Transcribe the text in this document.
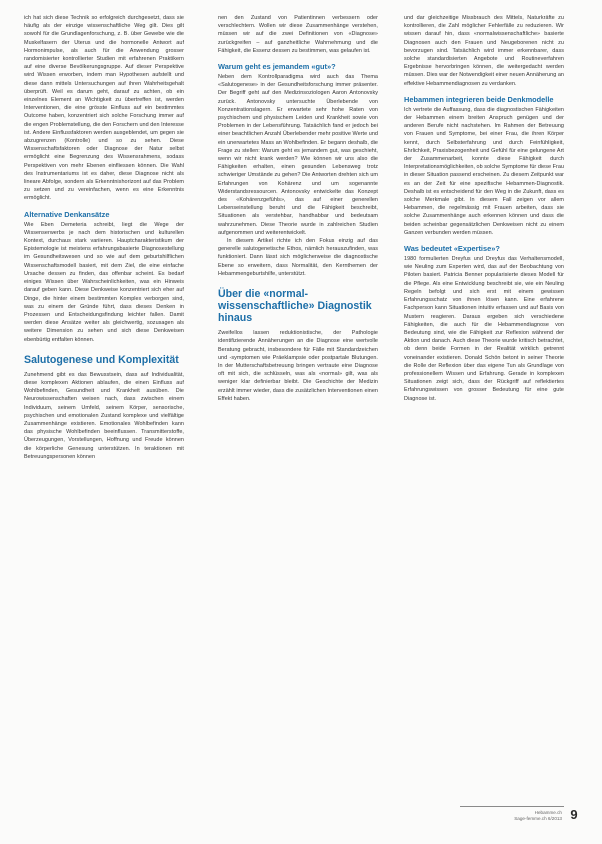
ich hat sich diese Technik so erfolgreich durchgesetzt, dass sie häufig als der einzige wissenschaftliche Weg gilt. Dies gilt sowohl für die Grundlagenforschung, z. B. über Gewebe wie die Muskelfasern der Uterus und die hormonelle Antwort auf Hormonimpulse, als auch für die Anwendung grosser randomisierter kontrollierter Studien mit erfahrenen Praktikern auf eine diverse Bevölkerungsgruppe. Auf dieser Perspektive wird Wissen erworben, indem man Hypothesen aufstellt und diese dann mittels Untersuchungen auf ihren Wahrheitsgehalt überprüft. Weil es darum geht, darauf zu achten, ob ein einzelnes Element an Wichtigkeit zu übertreffen ist, werden Interventionen, die eine grösste Einfluss auf ein bestimmtes Outcome haben, konzentriert sich solche Forschung immer auf die engen Problemstellung, die den Forschern und den Interesse ist. Andere Einflussfaktoren werden ausgeblendet, um gegen sie abzugrenzen (Kontrolle) und so zu sehen. Diese Wissenschaftsfaktoren oder Diagnose der Natur selbst ermöglicht eine Begrenzung des Wissensrahmens, sodass Perspektiven von mehr Ebenen einfliessen können. Die Wahl des Instrumentariums ist es daher, diese Diagnose nicht als lineare Abfolge, sondern als Erkenntnishorizont auf das Problem zu setzen und zu vereinfachen, wenn es eine Erkenntnis ermöglicht.

Alternative Denkansätze

Wie Eben Demeteria schreibt, liegt die Wege der Wissenserwerbs je nach dem historischen und kulturellen Kontext, durchaus stark variieren. Hauptcharakteristikum der Epistemologie ist meistens erfahrungsbasierte Diagnosestellung im Gesundheitswesen und so wie auf dem geburtshilflichen Wissenschaftsmodell basiert, mit dem Ziel, die eine einfache Ursache dessen zu finden, das offenbar scheint. Es bedarf einiges Wissen über Wahrscheinlichkeiten, was ein Hinweis darauf geben kann. Diese Denkweise konzentriert sich eher auf Dinge, die hinter einem bestimmten Komplex verborgen sind, was zu einem der Gründe führt, dass dieses Denken in Prozessen und Entscheidungsfindung leichter fallen. Damit werden diese Ansätze weiter als gleichwertig, sozusagen als weitere Dimension zu sehen und sich diese Denkweisen ebenbürtig entfalten können.

Salutogenese und Komplexität

Zunehmend gibt es das Bewusstsein, dass auf Individualität, diese komplexen Aktionen ablaufen, die einen Einfluss auf Wohlbefinden, Gesundheit und Krankheit ausüben. Die Neurowissenschaften weisen nach, dass zwischen einem Individuum, seinem Umfeld, seinem Körper, sensorische, psychischen und emotionalen Zustand komplexe und vielfältige Zusammenhänge existieren. Emotionales Wohlbefinden kann das physische Wohlbefinden beeinflussen. Transmitterstoffe, Überzeugungen, Vorstellungen, Hoffnung und Freude können die körperliche Genesung unterstützen. In teraktionen mit Betreuungspersonen können

nen den Zustand von Patientinnen verbessern oder verschlechtern. Wollen wir diese Zusammenhänge verstehen, müssen wir auf die zwei Definitionen von «Diagnose» zurückgreifen – auf ganzheitliche Wahrnehmung und die Fähigkeit, die Essenz dessen zu bestimmen, was gelaufen ist.

Warum geht es jemandem «gut»?

Neben dem Kontrollparadigma wird auch das Thema «Salutogenese» in der Gesundheitsforschung immer präsenter. Der Begriff geht auf den Medizinsoziologen Aaron Antonovsky zurück. Antonovsky untersuchte Überlebende von Konzentrationslagern. Er erwartete sehr hohe Raten von psychischem und physischem Leiden und Krankheit sowie von Problemen in der Lebensführung. Tatsächlich fand er jedoch bei einer beachtlichen Anzahl Überlebender mehr positive Werte und ein unerwartetes Mass an Wohlbefinden. Er begann deshalb, die Frage zu stellen: Warum geht es jemandem gut, was geschieht, wenn wir nicht krank werden? Wie können wir uns also die Fähigkeiten erhalten, einen gesunden Lebensweg trotz schwieriger Umstände zu gehen? Die Antworten drehten sich um Erfahrungen von Kohärenz und um sogenannte Widerstandsressourcen. Antonovsky entwickelte das Konzept des «Kohärenzgefühls», das auf einer generellen Lebenseinstellung beruht und die Fähigkeit beschreibt, Situationen als verstehbar, handhabbar und bedeutsam wahrzunehmen. Diese Theorie wurde in zahlreichen Studien aufgenommen und weiterentwickelt.

In diesem Artikel richte ich den Fokus einzig auf das generelle salutogenetische Ethos, nämlich herauszufinden, was funktioniert. Dann lässt sich möglicherweise die diagnostische Ebene so erweitern, dass Normalität, den Kernthemen der Hebammengeburtshilfe, unterstützt.

Über die «normal-wissenschaftliche» Diagnostik hinaus

Zweifellos lassen reduktionistische, der Pathologie identifizierende Annäherungen an die Diagnose eine wertvolle Beratung gebracht, insbesondere für Fälle mit Standardzeichen und -symptomen wie Präeklampsie oder postpartale Blutungen. In der Mutterschaftsbetreuung bringen vertraute eine Diagnose oft mit sich, die schlüsseln, was als «normal» gilt, was als weniger klar definierbar bleibt. Die Geschichte der Medizin erzählt immer wieder, dass die zusätzlichen Interventionen einen Effekt haben.

und dar gleichzeitige Missbrauch des Mittels, Naturkräfte zu kontrollieren, die Zahl möglicher Fehlerfälle zu reduzieren. Wir wissen darauf hin, dass «normalwissenschaftliche» basierte Diagnosen auch den Frauen und Neugeborenen nicht zu bevorzugen sind. Tatsächlich wird immer erkennbarer, dass solche standardisierten Angebote und Routineverfahren Ergebnisse hervorbringen können, die weitergedacht werden müssen. Dies war der Notwendigkeit einer neuen Annäherung an effektive Hebammendiagnosen zu verdanken.

Hebammen integrieren beide Denkmodelle

Ich vertrete die Auffassung, dass die diagnostischen Fähigkeiten der Hebammen einem breiten Anspruch genügen und der anderen Berufe nicht nachstehen. Im Rahmen der Betreuung von Frauen und Symptome, bei einer Frau, die ihren Körper kennt, durch Selbsterfahrung und durch Feinfühligkeit, Ehrlichkeit, Praxisbezogenheit und Gefühl für eine gelungene Art der Zusammenarbeit, konnte diese Fähigkeit durch Interpretationsmöglichkeiten, ob solche Symptome für diese Frau in dieser Situation passend erscheinen. Zu diesem Zeitpunkt war es an der Zeit für eine spezifische Hebammen-Diagnostik. Deshalb ist es entscheidend für den Weg in die Zukunft, dass es solche Merkmale gibt. In diesem Fall zeigen vor allem Hebammen, die regelmässig mit Frauen arbeiten, dass sie solche Zusammenhänge auch erkennen können und dass die beiden scheinbar gegensätzlichen Denkweisen nicht zu einem Ganzen verbunden werden müssen.

Was bedeutet «Expertise»?

1980 formulierten Dreyfus und Dreyfus das Verhaltensmodell, wie Neuling zum Experten wird, das auf der Beobachtung von Piloten basiert. Patricia Benner popularisierte dieses Modell für die Pflege. Als eine Entwicklung beschreibt sie, wie ein Neuling Regeln befolgt und sich erst mit einem gewissen Erfahrungsschatz von ihnen lösen kann. Eine erfahrene Fachperson kann Situationen intuitiv erfassen und auf Basis von Mustern reagieren. Daraus ergeben sich verschiedene Fähigkeiten, die auch für die Hebammendiagnose von Bedeutung sind, wie die Fähigkeit zur Reflexion während der Aktion und danach. Auch diese Theorie wurde kritisch betrachtet, ob denn beide Formen in der Realität wirklich getrennt voneinander existieren. Donald Schön betont in seiner Theorie die Rolle der Reflexion über das eigene Tun als Grundlage von professionellem Wissen und Erfahrung. Gerade in komplexen Situationen zeigt sich, dass der Rückgriff auf reflektiertes Erfahrungswissen von grosser Bedeutung für eine gute Diagnose ist.

Hebamme.ch
Sage-femme.ch 6/2013 9
